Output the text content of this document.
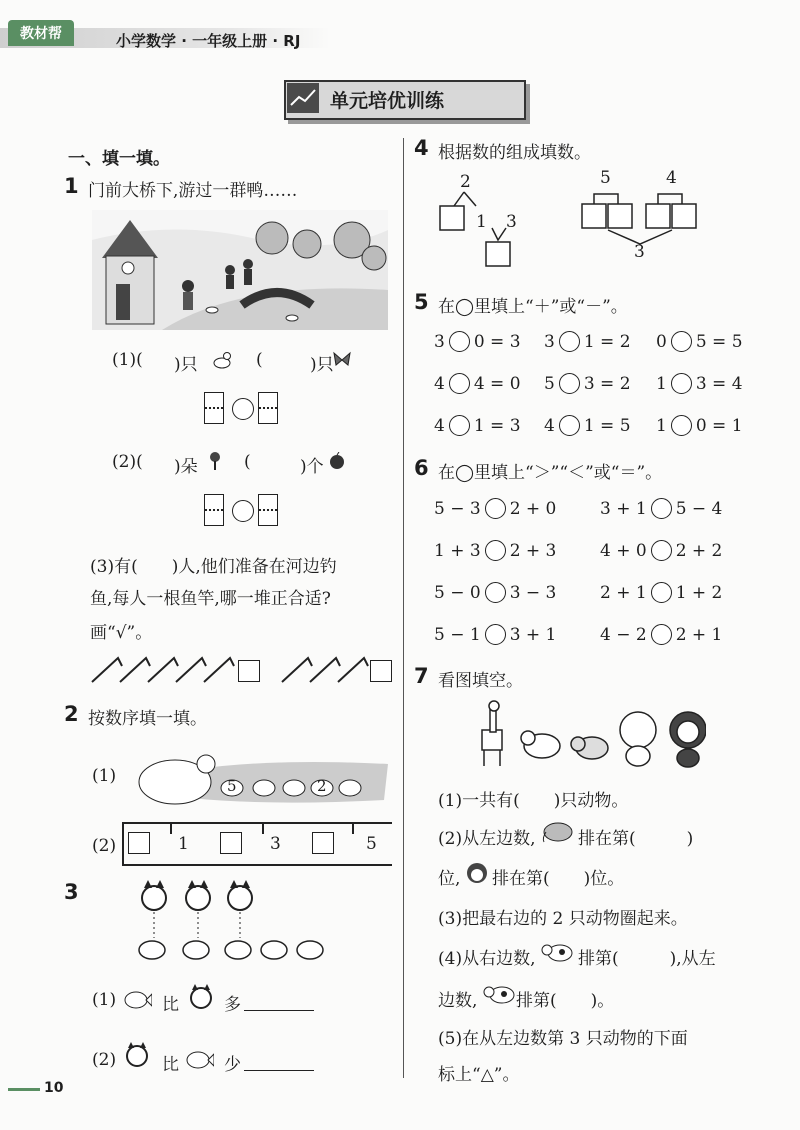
教材帮	小学数学 · 一年级上册 · RJ
单元培优训练
一、填一填。
1 门前大桥下,游过一群鸭……
(1)( )只	(	)只
(2)( )朵	(	)个
(3)有(　　)人,他们准备在河边钓
鱼,每人一根鱼竿,哪一堆正合适?
画“√”。
2 按数序填一填。
(1)	5	2
(2)	1	3	5
3
(1)	比	多
(2)	比	少
4 根据数的组成填数。
2
1 3
5	4
3
5 在◯里填上“＋”或“－”。
3 0 = 3 3 1 = 2 0 5 = 5
4 4 = 0 5 3 = 2 1 3 = 4
4 1 = 3 4 1 = 5 1 0 = 1
6 在◯里填上“＞”“＜”或“＝”。
5 − 3 2 + 0	3 + 1 5 − 4
1 + 3 2 + 3	4 + 0 2 + 2
5 − 0 3 − 3	2 + 1 1 + 2
5 − 1 3 + 1	4 − 2 2 + 1
7 看图填空。
(1)一共有(　　)只动物。
(2)从左边数,	排在第(　　　)
位, 排在第(　　)位。
(3)把最右边的 2 只动物圈起来。
(4)从右边数,	排第(　　　),从左
边数, 排第(　　)。
(5)在从左边数第 3 只动物的下面
标上“△”。
10
